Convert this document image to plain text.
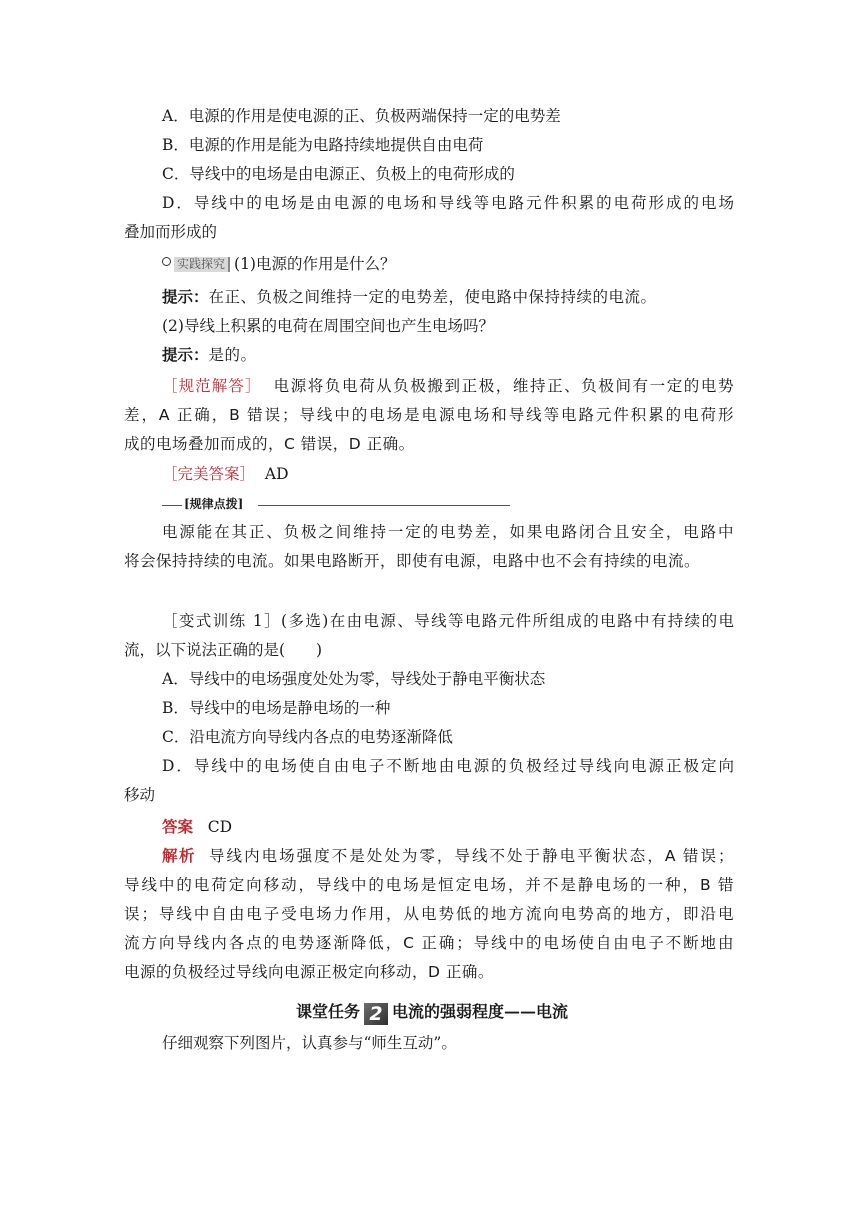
A．电源的作用是使电源的正、负极两端保持一定的电势差
B．电源的作用是能为电路持续地提供自由电荷
C．导线中的电场是由电源正、负极上的电荷形成的
D．导线中的电场是由电源的电场和导线等电路元件积累的电荷形成的电场
叠加而形成的
实践探究 (1)电源的作用是什么？
提示：在正、负极之间维持一定的电势差，使电路中保持持续的电流。
(2)导线上积累的电荷在周围空间也产生电场吗？
提示：是的。
［规范解答］ 电源将负电荷从负极搬到正极，维持正、负极间有一定的电势
差，A 正确，B 错误；导线中的电场是电源电场和导线等电路元件积累的电荷形
成的电场叠加而成的，C 错误，D 正确。
［完美答案］ AD
[规律点拨]
电源能在其正、负极之间维持一定的电势差，如果电路闭合且安全，电路中
将会保持持续的电流。如果电路断开，即使有电源，电路中也不会有持续的电流。
［变式训练 1］(多选)在由电源、导线等电路元件所组成的电路中有持续的电
流，以下说法正确的是(　　)
A．导线中的电场强度处处为零，导线处于静电平衡状态
B．导线中的电场是静电场的一种
C．沿电流方向导线内各点的电势逐渐降低
D．导线中的电场使自由电子不断地由电源的负极经过导线向电源正极定向
移动
答案 CD
解析 导线内电场强度不是处处为零，导线不处于静电平衡状态，A 错误；
导线中的电荷定向移动，导线中的电场是恒定电场，并不是静电场的一种，B 错
误；导线中自由电子受电场力作用，从电势低的地方流向电势高的地方，即沿电
流方向导线内各点的电势逐渐降低，C 正确；导线中的电场使自由电子不断地由
电源的负极经过导线向电源正极定向移动，D 正确。
课堂任务 2 电流的强弱程度——电流
仔细观察下列图片，认真参与“师生互动”。
